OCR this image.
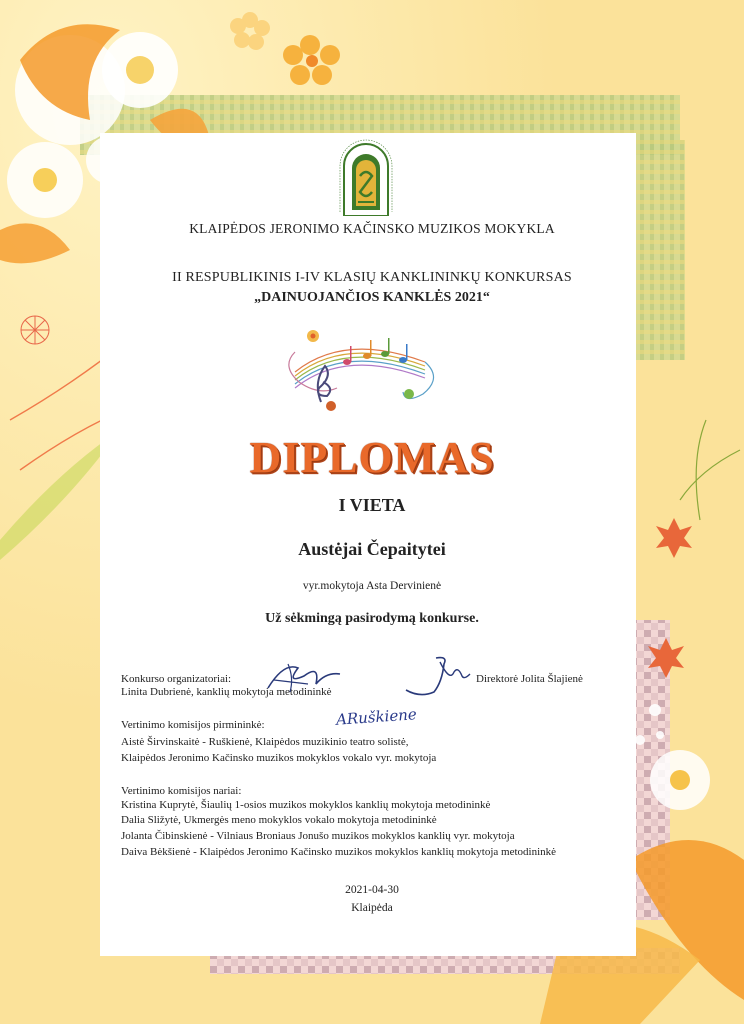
KLAIPĖDOS JERONIMO KAČINSKO MUZIKOS MOKYKLA
II RESPUBLIKINIS I-IV KLASIŲ KANKLININKŲ KONKURSAS
„DAINUOJANČIOS KANKLĖS 2021“
DIPLOMAS
I VIETA
Austėjai Čepaitytei
vyr.mokytoja Asta Dervinienė
Už sėkmingą pasirodymą konkurse.
Konkurso organizatoriai:
Linita Dubrienė, kanklių mokytoja metodininkė
Direktorė Jolita Šlajienė
Vertinimo komisijos pirmininkė:	ARuškiene
Aistė Širvinskaitė - Ruškienė, Klaipėdos muzikinio teatro solistė,
Klaipėdos Jeronimo Kačinsko muzikos mokyklos vokalo vyr. mokytoja
Vertinimo komisijos nariai:
Kristina Kuprytė, Šiaulių 1-osios muzikos mokyklos kanklių mokytoja metodininkė
Dalia Sližytė, Ukmergės meno mokyklos vokalo mokytoja metodininkė
Jolanta Čibinskienė - Vilniaus Broniaus Jonušo muzikos mokyklos kanklių vyr. mokytoja
Daiva Bėkšienė - Klaipėdos Jeronimo Kačinsko muzikos mokyklos kanklių mokytoja metodininkė
2021-04-30
Klaipėda
